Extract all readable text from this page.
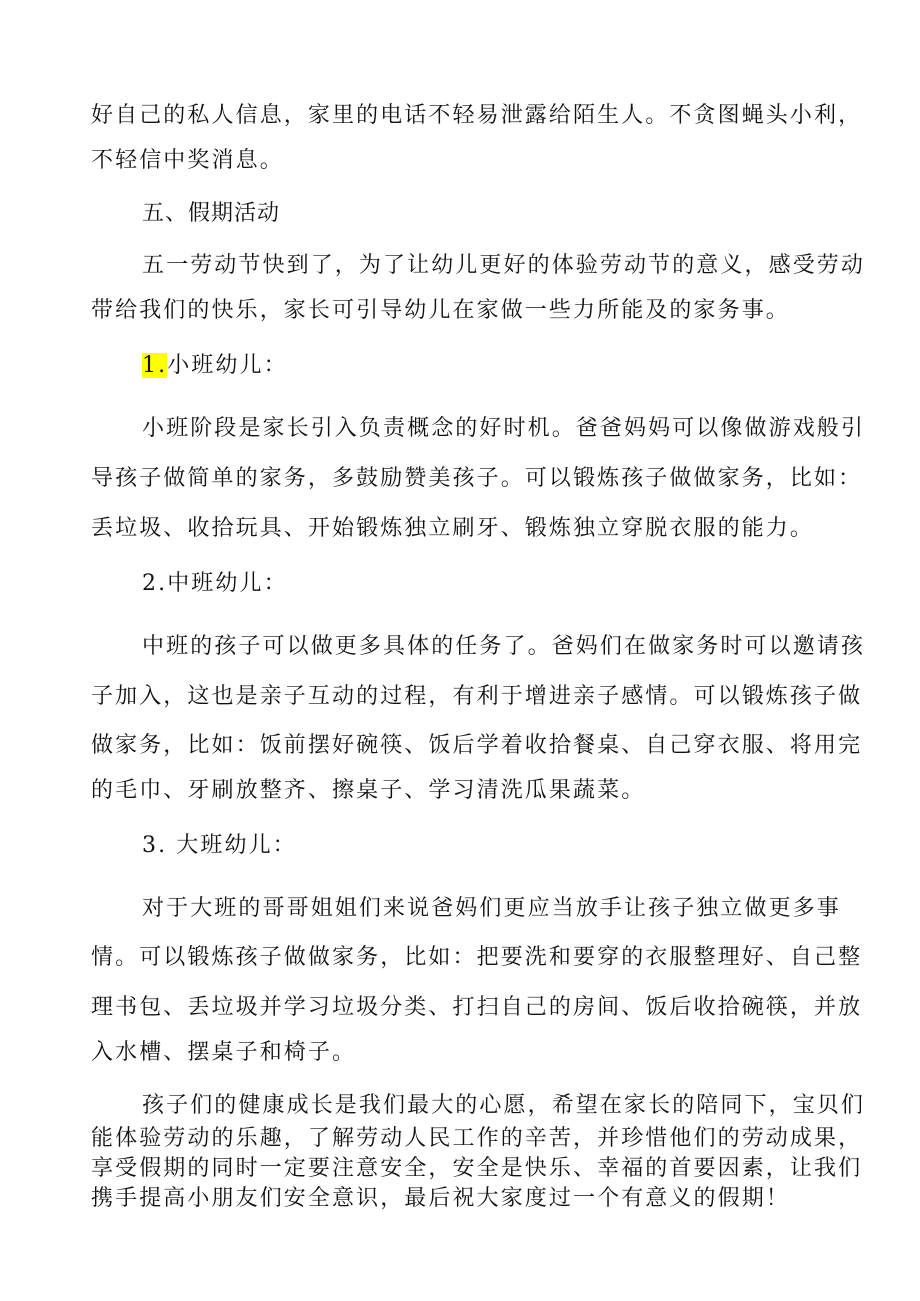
好自己的私人信息，家里的电话不轻易泄露给陌生人。不贪图蝇头小利，
不轻信中奖消息。
五、假期活动
五一劳动节快到了，为了让幼儿更好的体验劳动节的意义，感受劳动
带给我们的快乐，家长可引导幼儿在家做一些力所能及的家务事。
1.小班幼儿：
小班阶段是家长引入负责概念的好时机。爸爸妈妈可以像做游戏般引
导孩子做简单的家务，多鼓励赞美孩子。可以锻炼孩子做做家务，比如：
丢垃圾、收拾玩具、开始锻炼独立刷牙、锻炼独立穿脱衣服的能力。
2.中班幼儿：
中班的孩子可以做更多具体的任务了。爸妈们在做家务时可以邀请孩
子加入，这也是亲子互动的过程，有利于增进亲子感情。可以锻炼孩子做
做家务，比如：饭前摆好碗筷、饭后学着收拾餐桌、自己穿衣服、将用完
的毛巾、牙刷放整齐、擦桌子、学习清洗瓜果蔬菜。
3. 大班幼儿：
对于大班的哥哥姐姐们来说爸妈们更应当放手让孩子独立做更多事
情。可以锻炼孩子做做家务，比如：把要洗和要穿的衣服整理好、自己整
理书包、丢垃圾并学习垃圾分类、打扫自己的房间、饭后收拾碗筷，并放
入水槽、摆桌子和椅子。
孩子们的健康成长是我们最大的心愿，希望在家长的陪同下，宝贝们
能体验劳动的乐趣，了解劳动人民工作的辛苦，并珍惜他们的劳动成果，
享受假期的同时一定要注意安全，安全是快乐、幸福的首要因素，让我们
携手提高小朋友们安全意识，最后祝大家度过一个有意义的假期！
